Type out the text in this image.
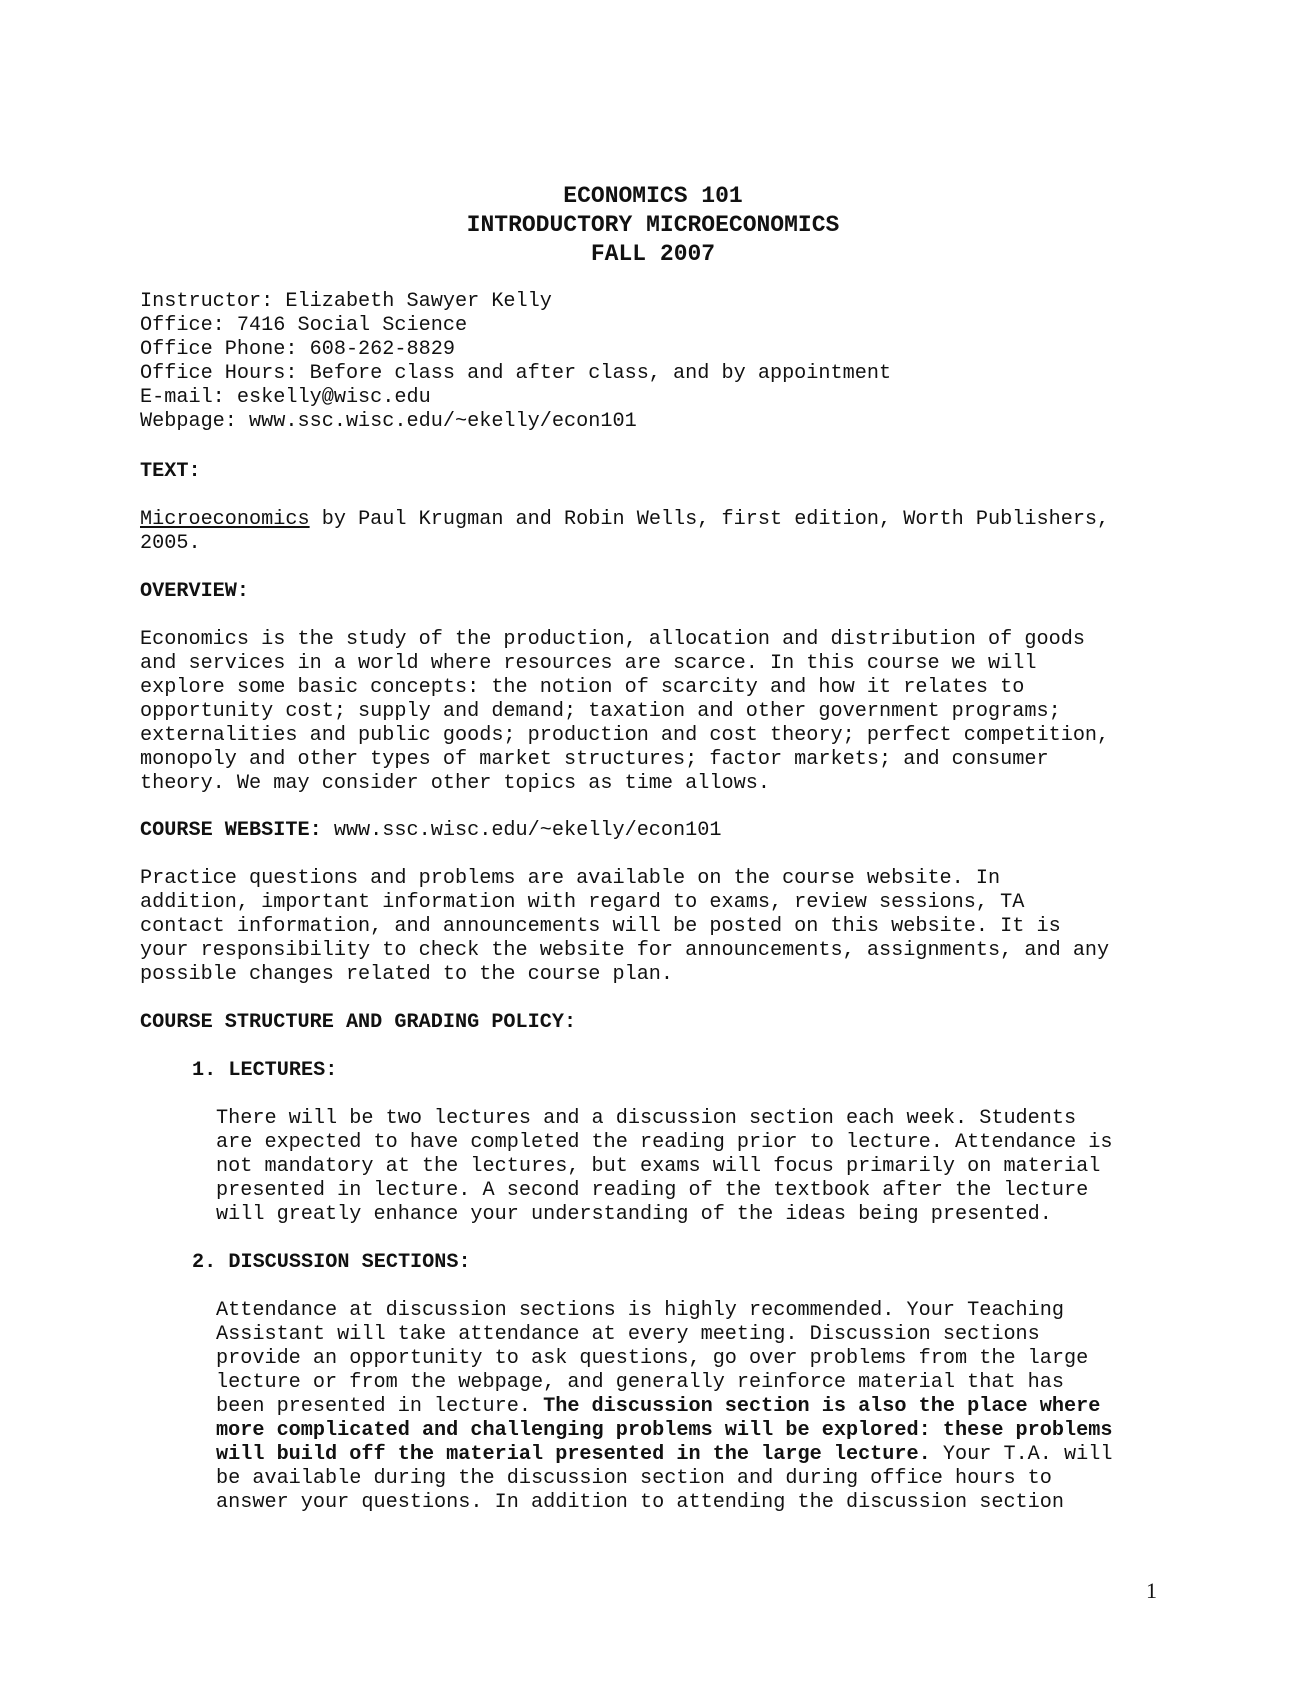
ECONOMICS 101
INTRODUCTORY MICROECONOMICS
FALL 2007
Instructor: Elizabeth Sawyer Kelly
Office: 7416 Social Science
Office Phone: 608-262-8829
Office Hours: Before class and after class, and by appointment
E-mail: eskelly@wisc.edu
Webpage: www.ssc.wisc.edu/~ekelly/econ101
TEXT:
Microeconomics by Paul Krugman and Robin Wells, first edition, Worth Publishers,
2005.
OVERVIEW:
Economics is the study of the production, allocation and distribution of goods
and services in a world where resources are scarce. In this course we will
explore some basic concepts: the notion of scarcity and how it relates to
opportunity cost; supply and demand; taxation and other government programs;
externalities and public goods; production and cost theory; perfect competition,
monopoly and other types of market structures; factor markets; and consumer
theory. We may consider other topics as time allows.
COURSE WEBSITE: www.ssc.wisc.edu/~ekelly/econ101
Practice questions and problems are available on the course website. In
addition, important information with regard to exams, review sessions, TA
contact information, and announcements will be posted on this website. It is
your responsibility to check the website for announcements, assignments, and any
possible changes related to the course plan.
COURSE STRUCTURE AND GRADING POLICY:
1. LECTURES:
There will be two lectures and a discussion section each week. Students
are expected to have completed the reading prior to lecture. Attendance is
not mandatory at the lectures, but exams will focus primarily on material
presented in lecture. A second reading of the textbook after the lecture
will greatly enhance your understanding of the ideas being presented.
2. DISCUSSION SECTIONS:
Attendance at discussion sections is highly recommended. Your Teaching
Assistant will take attendance at every meeting. Discussion sections
provide an opportunity to ask questions, go over problems from the large
lecture or from the webpage, and generally reinforce material that has
been presented in lecture. The discussion section is also the place where
more complicated and challenging problems will be explored: these problems
will build off the material presented in the large lecture. Your T.A. will
be available during the discussion section and during office hours to
answer your questions. In addition to attending the discussion section
1
